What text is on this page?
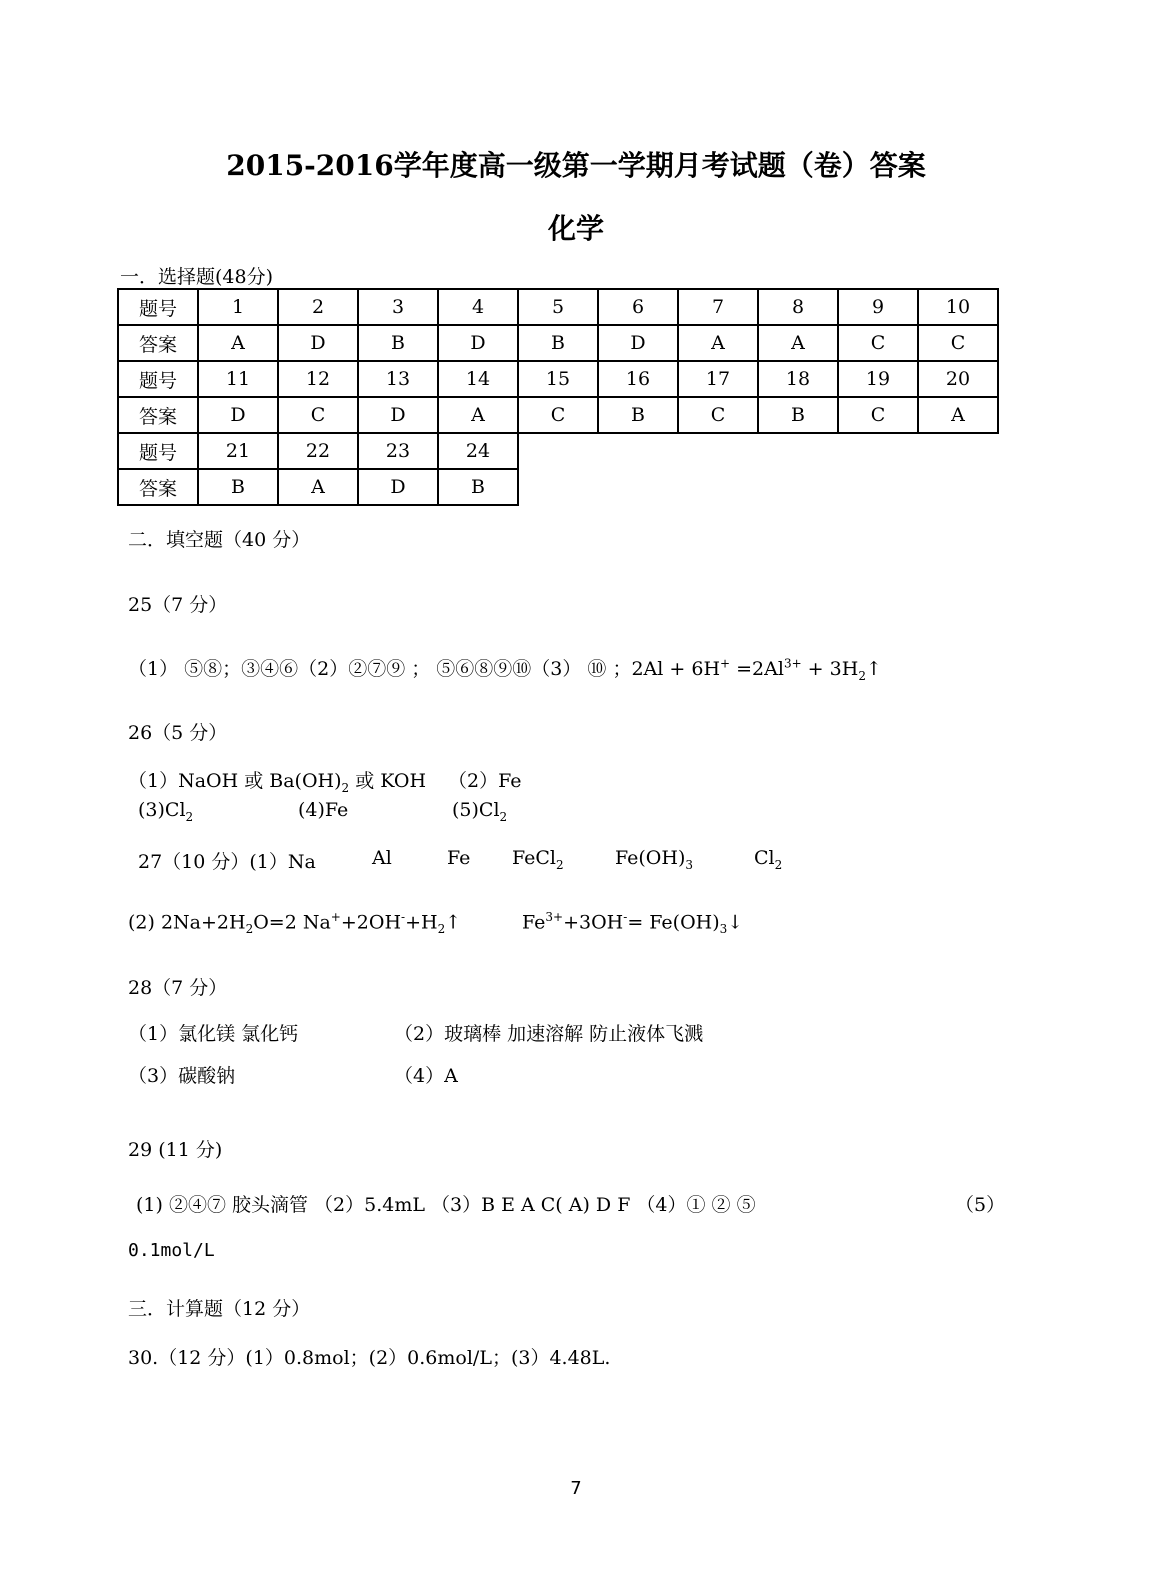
2015-2016学年度高一级第一学期月考试题（卷）答案
化学
一．选择题(48分)
题号	1	2	3	4	5	6	7	8	9	10
答案	A	D	B	D	B	D	A	A	C	C
题号	11	12	13	14	15	16	17	18	19	20
答案	D	C	D	A	C	B	C	B	C	A
题号	21	22	23	24						
答案	B	A	D	B						
二．填空题（40 分）
25（7 分）
（1） ⑤⑧；③④⑥（2）②⑦⑨ ； ⑤⑥⑧⑨⑩（3） ⑩ ；$2Al + 6H^+ =2Al^{3+}$ + $3H_2↑$
26（5 分）
（1）NaOH 或 $Ba(OH)_2$ 或 KOH （2）Fe
$(3)Cl_2$	(4)Fe	$(5)Cl_2$
27（10 分）(1）Na	Al	Fe FeCl$_2$	$Fe(OH)_3$	$Cl_2$
(2) $2Na+2H_2O=2$ $Na^++2OH^-+H_2↑$	$Fe^{3+}+3OH^-=$ $Fe(OH)_3↓$
28（7 分）
（1）氯化镁 氯化钙	（2）玻璃棒 加速溶解 防止液体飞溅
（3）碳酸钠	（4）A
29 (11 分)
(1) ②④⑦ 胶头滴管 （2）5.4mL （3）B E A C( A) D F （4）① ② ⑤	（5）
0.1mol/L
三．计算题（12 分）
30.（12 分）(1）0.8mol；(2）0.6mol/L；(3）4.48L.
7
